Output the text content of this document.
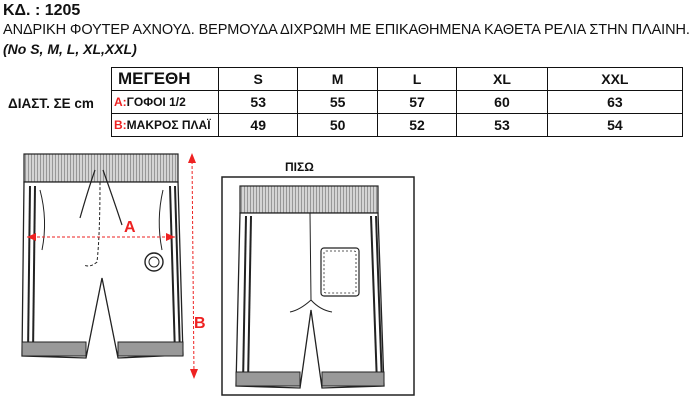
ΚΔ. : 1205
ΑΝΔΡΙΚΗ ΦΟΥΤΕΡ ΑΧΝΟΥΔ. ΒΕΡΜΟΥΔΑ ΔΙΧΡΩΜΗ ΜΕ ΕΠΙΚΑΘΗΜΕΝΑ ΚΑΘΕΤΑ ΡΕΛΙΑ ΣΤΗΝ ΠΛΑΙΝΗ.
(No S, M, L, XL,XXL)
ΔΙΑΣΤ. ΣΕ cm
ΜΕΓΕΘΗ	S	M	L	XL	XXL
A:ΓΟΦΟΙ 1/2	53	55	57	60	63
B:ΜΑΚΡΟΣ ΠΛΑΪ	49	50	52	53	54
ΠΙΣΩ
A
B
